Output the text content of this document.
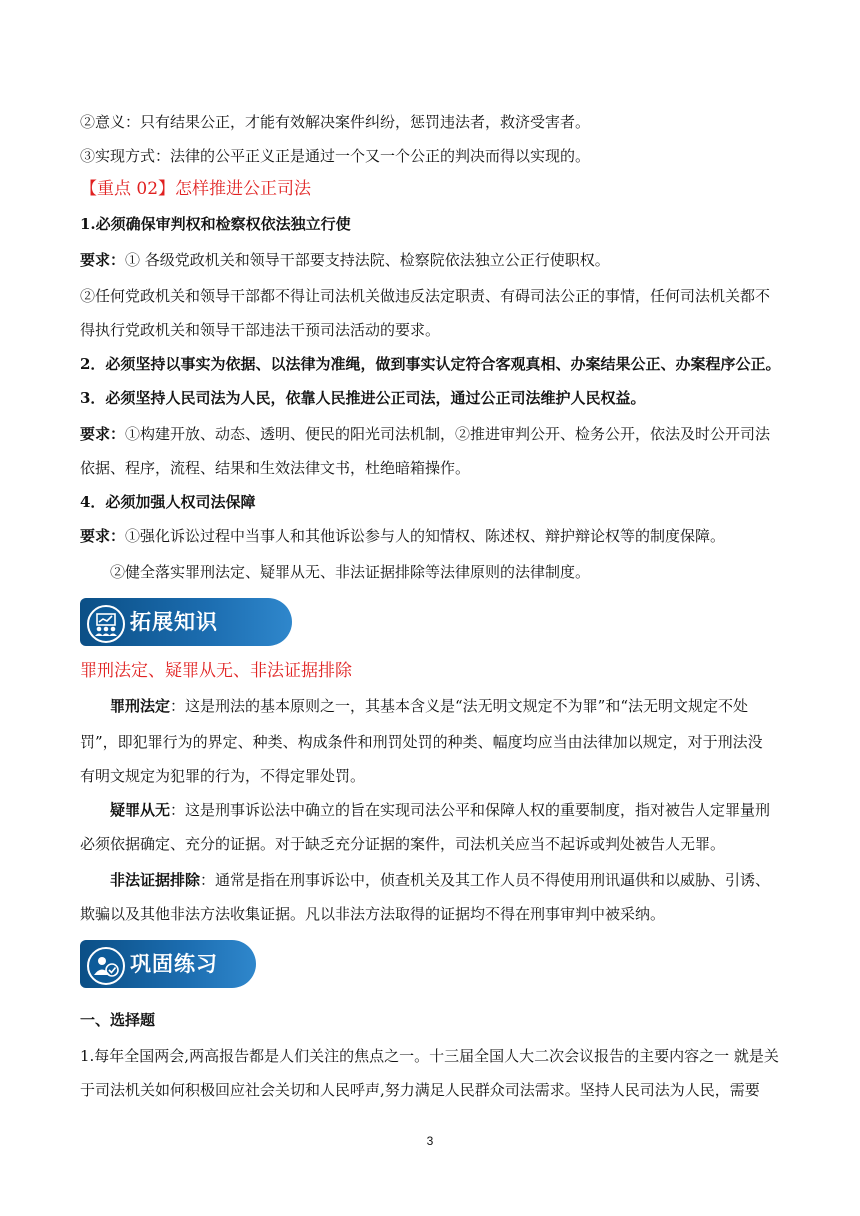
②意义：只有结果公正，才能有效解决案件纠纷，惩罚违法者，救济受害者。
③实现方式：法律的公平正义正是通过一个又一个公正的判决而得以实现的。
【重点 02】怎样推进公正司法
1.必须确保审判权和检察权依法独立行使
要求：① 各级党政机关和领导干部要支持法院、检察院依法独立公正行使职权。
②任何党政机关和领导干部都不得让司法机关做违反法定职责、有碍司法公正的事情，任何司法机关都不
得执行党政机关和领导干部违法干预司法活动的要求。
2．必须坚持以事实为依据、以法律为准绳，做到事实认定符合客观真相、办案结果公正、办案程序公正。
3．必须坚持人民司法为人民，依靠人民推进公正司法，通过公正司法维护人民权益。
要求：①构建开放、动态、透明、便民的阳光司法机制，②推进审判公开、检务公开，依法及时公开司法
依据、程序，流程、结果和生效法律文书，杜绝暗箱操作。
4．必须加强人权司法保障
要求：①强化诉讼过程中当事人和其他诉讼参与人的知情权、陈述权、辩护辩论权等的制度保障。
②健全落实罪刑法定、疑罪从无、非法证据排除等法律原则的法律制度。
拓展知识
罪刑法定、疑罪从无、非法证据排除
罪刑法定：这是刑法的基本原则之一，其基本含义是“法无明文规定不为罪”和“法无明文规定不处
罚”，即犯罪行为的界定、种类、构成条件和刑罚处罚的种类、幅度均应当由法律加以规定，对于刑法没
有明文规定为犯罪的行为，不得定罪处罚。
疑罪从无：这是刑事诉讼法中确立的旨在实现司法公平和保障人权的重要制度，指对被告人定罪量刑
必须依据确定、充分的证据。对于缺乏充分证据的案件，司法机关应当不起诉或判处被告人无罪。
非法证据排除：通常是指在刑事诉讼中，侦查机关及其工作人员不得使用刑讯逼供和以威胁、引诱、
欺骗以及其他非法方法收集证据。凡以非法方法取得的证据均不得在刑事审判中被采纳。
巩固练习
一、选择题
1.每年全国两会,两高报告都是人们关注的焦点之一。十三届全国人大二次会议报告的主要内容之一 就是关
于司法机关如何积极回应社会关切和人民呼声,努力满足人民群众司法需求。坚持人民司法为人民，需要
3
